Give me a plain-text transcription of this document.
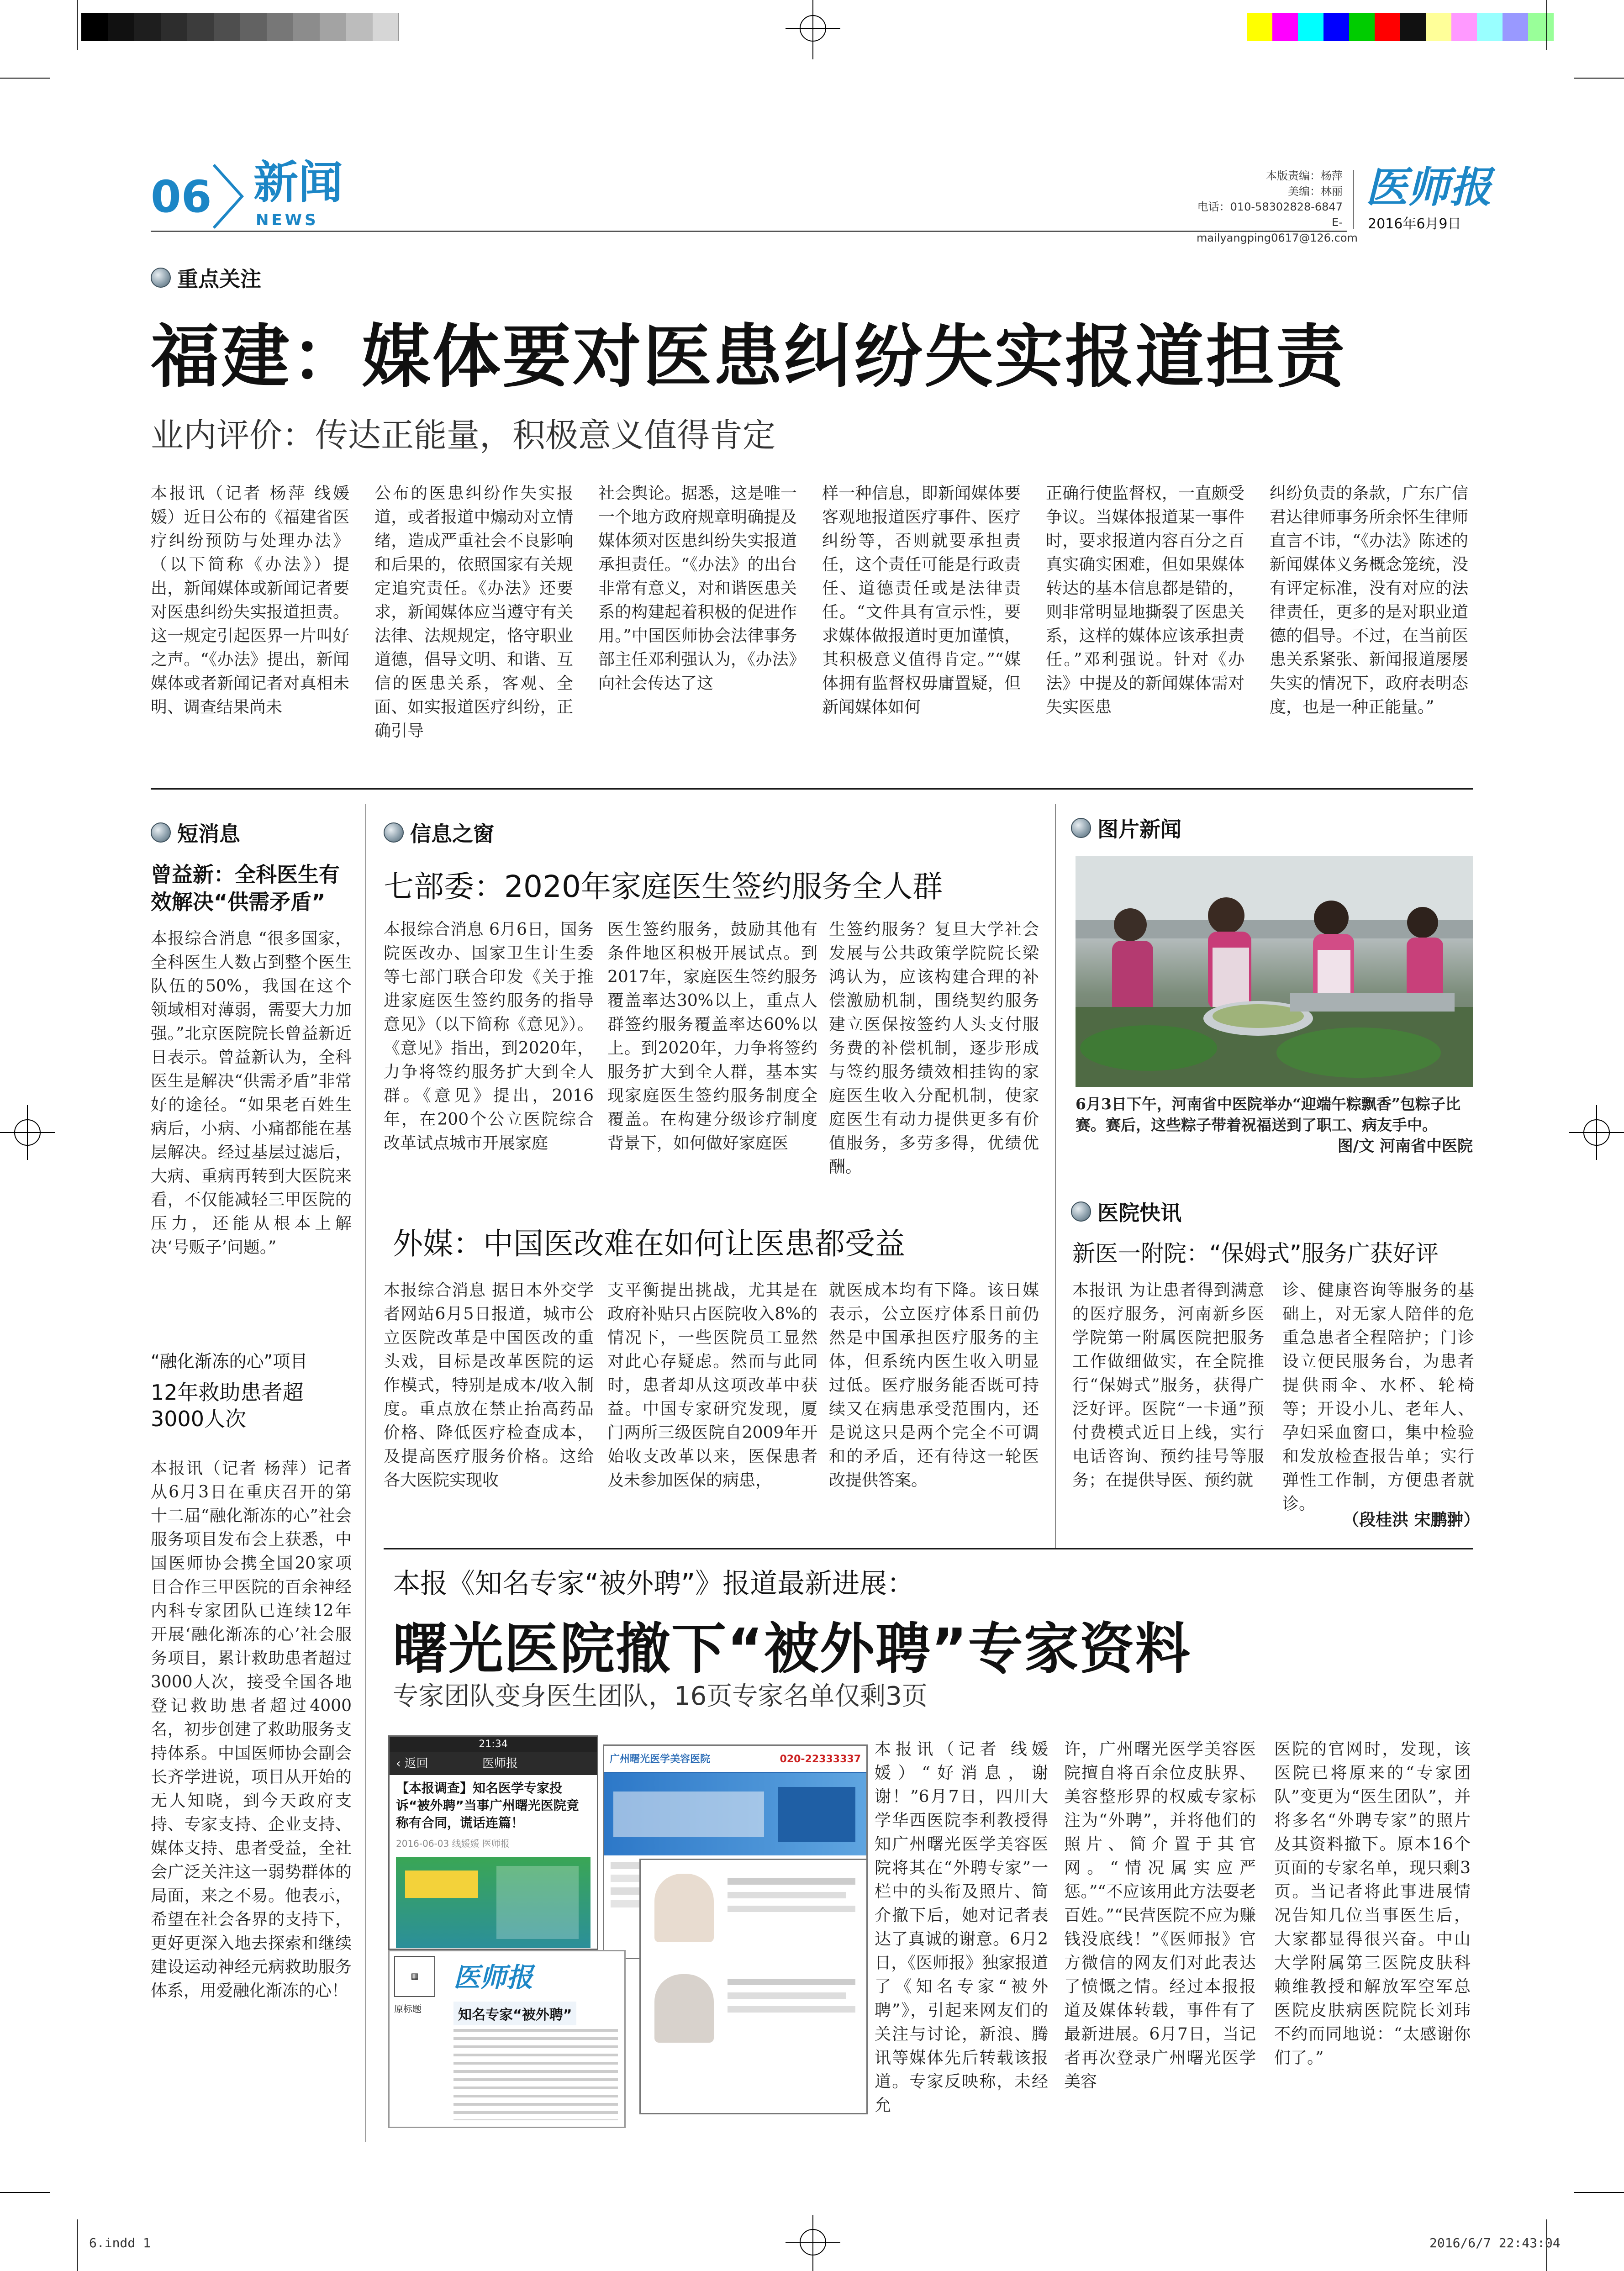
06 新闻
NEWS
本版责编：杨萍
美编：林丽
电话：010-58302828-6847
E-mailyangping0617@126.com
医师报
2016年6月9日
重点关注
福建：媒体要对医患纠纷失实报道担责
业内评价：传达正能量，积极意义值得肯定
本报讯（记者 杨萍 线媛媛）近日公布的《福建省医疗纠纷预防与处理办法》（以下简称《办法》）提出，新闻媒体或新闻记者要对医患纠纷失实报道担责。这一规定引起医界一片叫好之声。“《办法》提出，新闻媒体或者新闻记者对真相未明、调查结果尚未
公布的医患纠纷作失实报道，或者报道中煽动对立情绪，造成严重社会不良影响和后果的，依照国家有关规定追究责任。《办法》还要求，新闻媒体应当遵守有关法律、法规规定，恪守职业道德，倡导文明、和谐、互信的医患关系，客观、全面、如实报道医疗纠纷，正确引导
社会舆论。据悉，这是唯一一个地方政府规章明确提及媒体须对医患纠纷失实报道承担责任。“《办法》的出台非常有意义，对和谐医患关系的构建起着积极的促进作用。”中国医师协会法律事务部主任邓利强认为，《办法》向社会传达了这
样一种信息，即新闻媒体要客观地报道医疗事件、医疗纠纷等，否则就要承担责任，这个责任可能是行政责任、道德责任或是法律责任。“文件具有宣示性，要求媒体做报道时更加谨慎，其积极意义值得肯定。”“媒体拥有监督权毋庸置疑，但新闻媒体如何
正确行使监督权，一直颇受争议。当媒体报道某一事件时，要求报道内容百分之百真实确实困难，但如果媒体转达的基本信息都是错的，则非常明显地撕裂了医患关系，这样的媒体应该承担责任。”邓利强说。针对《办法》中提及的新闻媒体需对失实医患
纠纷负责的条款，广东广信君达律师事务所余怀生律师直言不讳，“《办法》陈述的新闻媒体义务概念笼统，没有评定标准，没有对应的法律责任，更多的是对职业道德的倡导。不过，在当前医患关系紧张、新闻报道屡屡失实的情况下，政府表明态度，也是一种正能量。”
短消息
曾益新：全科医生有效解决“供需矛盾”
本报综合消息 “很多国家，全科医生人数占到整个医生队伍的50%，我国在这个领域相对薄弱，需要大力加强。”北京医院院长曾益新近日表示。曾益新认为，全科医生是解决“供需矛盾”非常好的途径。“如果老百姓生病后，小病、小痛都能在基层解决。经过基层过滤后，大病、重病再转到大医院来看，不仅能减轻三甲医院的压力，还能从根本上解决‘号贩子’问题。”
“融化渐冻的心”项目
12年救助患者超3000人次
本报讯（记者 杨萍）记者从6月3日在重庆召开的第十二届“融化渐冻的心”社会服务项目发布会上获悉，中国医师协会携全国20家项目合作三甲医院的百余神经内科专家团队已连续12年开展‘融化渐冻的心’社会服务项目，累计救助患者超过3000人次，接受全国各地登记救助患者超过4000名，初步创建了救助服务支持体系。中国医师协会副会长齐学进说，项目从开始的无人知晓，到今天政府支持、专家支持、企业支持、媒体支持、患者受益，全社会广泛关注这一弱势群体的局面，来之不易。他表示，希望在社会各界的支持下，更好更深入地去探索和继续建设运动神经元病救助服务体系，用爱融化渐冻的心！
信息之窗
七部委：2020年家庭医生签约服务全人群
本报综合消息 6月6日，国务院医改办、国家卫生计生委等七部门联合印发《关于推进家庭医生签约服务的指导意见》（以下简称《意见》）。《意见》指出，到2020年，力争将签约服务扩大到全人群。《意见》提出，2016年，在200个公立医院综合改革试点城市开展家庭
医生签约服务，鼓励其他有条件地区积极开展试点。到2017年，家庭医生签约服务覆盖率达30%以上，重点人群签约服务覆盖率达60%以上。到2020年，力争将签约服务扩大到全人群，基本实现家庭医生签约服务制度全覆盖。在构建分级诊疗制度背景下，如何做好家庭医
生签约服务？复旦大学社会发展与公共政策学院院长梁鸿认为，应该构建合理的补偿激励机制，围绕契约服务建立医保按签约人头支付服务费的补偿机制，逐步形成与签约服务绩效相挂钩的家庭医生收入分配机制，使家庭医生有动力提供更多有价值服务，多劳多得，优绩优酬。
外媒：中国医改难在如何让医患都受益
本报综合消息 据日本外交学者网站6月5日报道，城市公立医院改革是中国医改的重头戏，目标是改革医院的运作模式，特别是成本/收入制度。重点放在禁止抬高药品价格、降低医疗检查成本，及提高医疗服务价格。这给各大医院实现收
支平衡提出挑战，尤其是在政府补贴只占医院收入8%的情况下，一些医院员工显然对此心存疑虑。然而与此同时，患者却从这项改革中获益。中国专家研究发现，厦门两所三级医院自2009年开始收支改革以来，医保患者及未参加医保的病患，
就医成本均有下降。该日媒表示，公立医疗体系目前仍然是中国承担医疗服务的主体，但系统内医生收入明显过低。医疗服务能否既可持续又在病患承受范围内，还是说这只是两个完全不可调和的矛盾，还有待这一轮医改提供答案。
图片新闻
6月3日下午，河南省中医院举办“迎端午粽飘香”包粽子比赛。赛后，这些粽子带着祝福送到了职工、病友手中。
图/文 河南省中医院
医院快讯
新医一附院：“保姆式”服务广获好评
本报讯 为让患者得到满意的医疗服务，河南新乡医学院第一附属医院把服务工作做细做实，在全院推行“保姆式”服务，获得广泛好评。医院“一卡通”预付费模式近日上线，实行电话咨询、预约挂号等服务；在提供导医、预约就
诊、健康咨询等服务的基础上，对无家人陪伴的危重急患者全程陪护；门诊设立便民服务台，为患者提供雨伞、水杯、轮椅等；开设小儿、老年人、孕妇采血窗口，集中检验和发放检查报告单；实行弹性工作制，方便患者就诊。
（段桂洪 宋鹏翀）
本报《知名专家“被外聘”》报道最新进展：
曙光医院撤下“被外聘”专家资料
专家团队变身医生团队，16页专家名单仅剩3页
21:34
‹ 返回	医师报
【本报调查】知名医学专家投诉“被外聘”当事广州曙光医院竟称有合同，谎话连篇！
2016-06-03 线媛媛 医师报
广州曙光医学美容医院	020-22333337
▦
原标题
医师报
知名专家“被外聘”
本报讯（记者 线媛媛）“好消息，谢谢！”6月7日，四川大学华西医院李利教授得知广州曙光医学美容医院将其在“外聘专家”一栏中的头衔及照片、简介撤下后，她对记者表达了真诚的谢意。6月2日，《医师报》独家报道了《知名专家“被外聘”》，引起来网友们的关注与讨论，新浪、腾讯等媒体先后转载该报道。专家反映称，未经允
许，广州曙光医学美容医院擅自将百余位皮肤界、美容整形界的权威专家标注为“外聘”，并将他们的照片、简介置于其官网。“情况属实应严惩。”“不应该用此方法耍老百姓。”“民营医院不应为赚钱没底线！”《医师报》官方微信的网友们对此表达了愤慨之情。经过本报报道及媒体转载，事件有了最新进展。6月7日，当记者再次登录广州曙光医学美容
医院的官网时，发现，该医院已将原来的“专家团队”变更为“医生团队”，并将多名“外聘专家”的照片及其资料撤下。原本16个页面的专家名单，现只剩3页。当记者将此事进展情况告知几位当事医生后，大家都显得很兴奋。中山大学附属第三医院皮肤科赖维教授和解放军空军总医院皮肤病医院院长刘玮不约而同地说：“太感谢你们了。”
6.indd 1	2016/6/7 22:43:04
